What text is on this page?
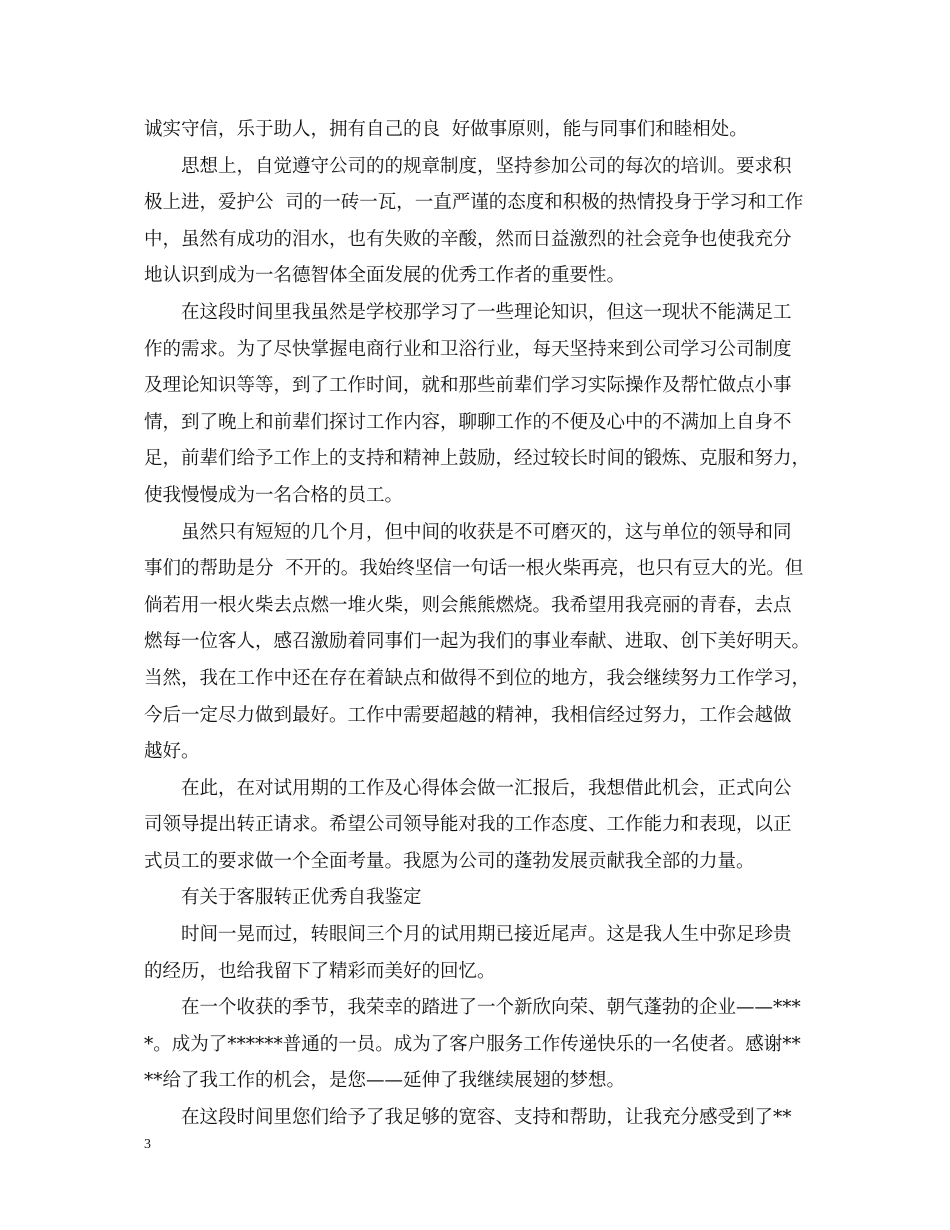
诚实守信，乐于助人，拥有自己的良  好做事原则，能与同事们和睦相处。
思想上，自觉遵守公司的的规章制度，坚持参加公司的每次的培训。要求积
极上进，爱护公  司的一砖一瓦，一直严谨的态度和积极的热情投身于学习和工作
中，虽然有成功的泪水，也有失败的辛酸，然而日益激烈的社会竞争也使我充分
地认识到成为一名德智体全面发展的优秀工作者的重要性。
在这段时间里我虽然是学校那学习了一些理论知识，但这一现状不能满足工
作的需求。为了尽快掌握电商行业和卫浴行业，每天坚持来到公司学习公司制度
及理论知识等等，到了工作时间，就和那些前辈们学习实际操作及帮忙做点小事
情，到了晚上和前辈们探讨工作内容，聊聊工作的不便及心中的不满加上自身不
足，前辈们给予工作上的支持和精神上鼓励，经过较长时间的锻炼、克服和努力，
使我慢慢成为一名合格的员工。
虽然只有短短的几个月，但中间的收获是不可磨灭的，这与单位的领导和同
事们的帮助是分  不开的。我始终坚信一句话一根火柴再亮，也只有豆大的光。但
倘若用一根火柴去点燃一堆火柴，则会熊熊燃烧。我希望用我亮丽的青春，去点
燃每一位客人，感召激励着同事们一起为我们的事业奉献、进取、创下美好明天。
当然，我在工作中还在存在着缺点和做得不到位的地方，我会继续努力工作学习，
今后一定尽力做到最好。工作中需要超越的精神，我相信经过努力，工作会越做
越好。
在此，在对试用期的工作及心得体会做一汇报后，我想借此机会，正式向公
司领导提出转正请求。希望公司领导能对我的工作态度、工作能力和表现，以正
式员工的要求做一个全面考量。我愿为公司的蓬勃发展贡献我全部的力量。
有关于客服转正优秀自我鉴定
时间一晃而过，转眼间三个月的试用期已接近尾声。这是我人生中弥足珍贵
的经历，也给我留下了精彩而美好的回忆。
在一个收获的季节，我荣幸的踏进了一个新欣向荣、朝气蓬勃的企业——***
*。成为了******普通的一员。成为了客户服务工作传递快乐的一名使者。感谢**
**给了我工作的机会，是您——延伸了我继续展翅的梦想。
在这段时间里您们给予了我足够的宽容、支持和帮助，让我充分感受到了**
3
